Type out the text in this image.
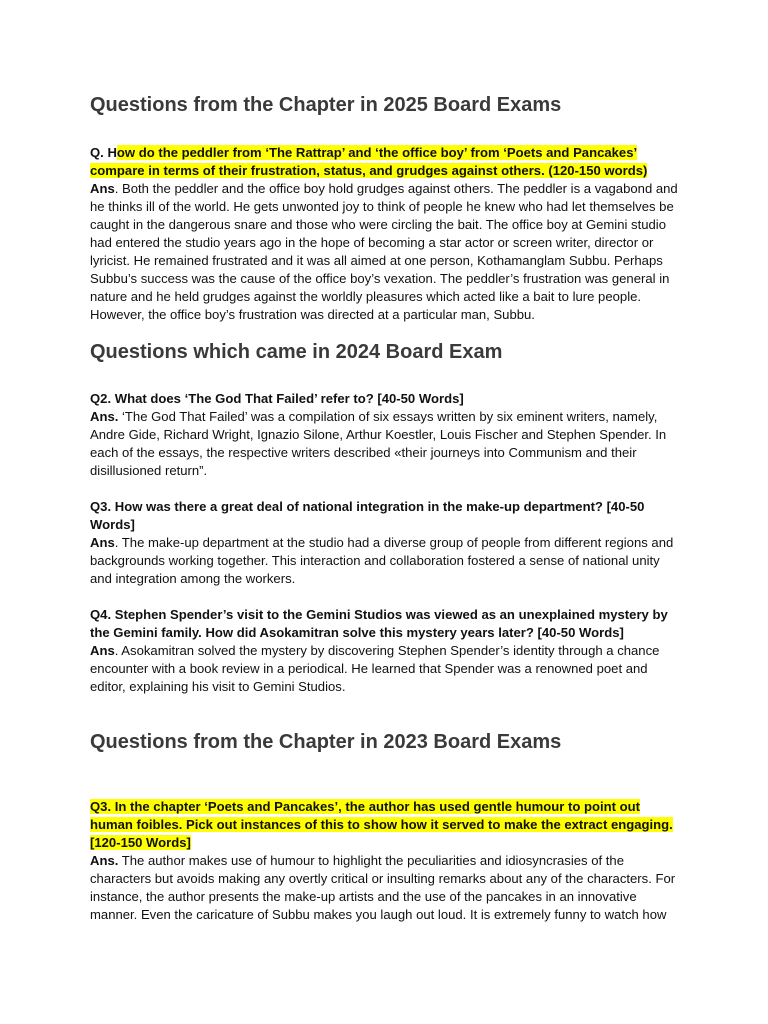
Questions from the Chapter in 2025 Board Exams

Q. How do the peddler from ‘The Rattrap’ and ‘the office boy’ from ‘Poets and Pancakes’ compare in terms of their frustration, status, and grudges against others. (120-150 words)

Ans. Both the peddler and the office boy hold grudges against others. The peddler is a vagabond and he thinks ill of the world. He gets unwonted joy to think of people he knew who had let themselves be caught in the dangerous snare and those who were circling the bait. The office boy at Gemini studio had entered the studio years ago in the hope of becoming a star actor or screen writer, director or lyricist. He remained frustrated and it was all aimed at one person, Kothamanglam Subbu. Perhaps Subbu’s success was the cause of the office boy’s vexation. The peddler’s frustration was general in nature and he held grudges against the worldly pleasures which acted like a bait to lure people. However, the office boy’s frustration was directed at a particular man, Subbu.

Questions which came in 2024 Board Exam

Q2. What does ‘The God That Failed’ refer to? [40-50 Words]

Ans. ‘The God That Failed’ was a compilation of six essays written by six eminent writers, namely, Andre Gide, Richard Wright, Ignazio Silone, Arthur Koestler, Louis Fischer and Stephen Spender. In each of the essays, the respective writers described «their journeys into Communism and their disillusioned return”.

Q3. How was there a great deal of national integration in the make-up department? [40-50 Words]

Ans. The make-up department at the studio had a diverse group of people from different regions and backgrounds working together. This interaction and collaboration fostered a sense of national unity and integration among the workers.

Q4. Stephen Spender’s visit to the Gemini Studios was viewed as an unexplained mystery by the Gemini family. How did Asokamitran solve this mystery years later? [40-50 Words]

Ans. Asokamitran solved the mystery by discovering Stephen Spender’s identity through a chance encounter with a book review in a periodical. He learned that Spender was a renowned poet and editor, explaining his visit to Gemini Studios.

Questions from the Chapter in 2023 Board Exams

Q3. In the chapter ‘Poets and Pancakes’, the author has used gentle humour to point out human foibles. Pick out instances of this to show how it served to make the extract engaging. [120-150 Words]

Ans. The author makes use of humour to highlight the peculiarities and idiosyncrasies of the characters but avoids making any overtly critical or insulting remarks about any of the characters. For instance, the author presents the make-up artists and the use of the pancakes in an innovative manner. Even the caricature of Subbu makes you laugh out loud. It is extremely funny to watch how
